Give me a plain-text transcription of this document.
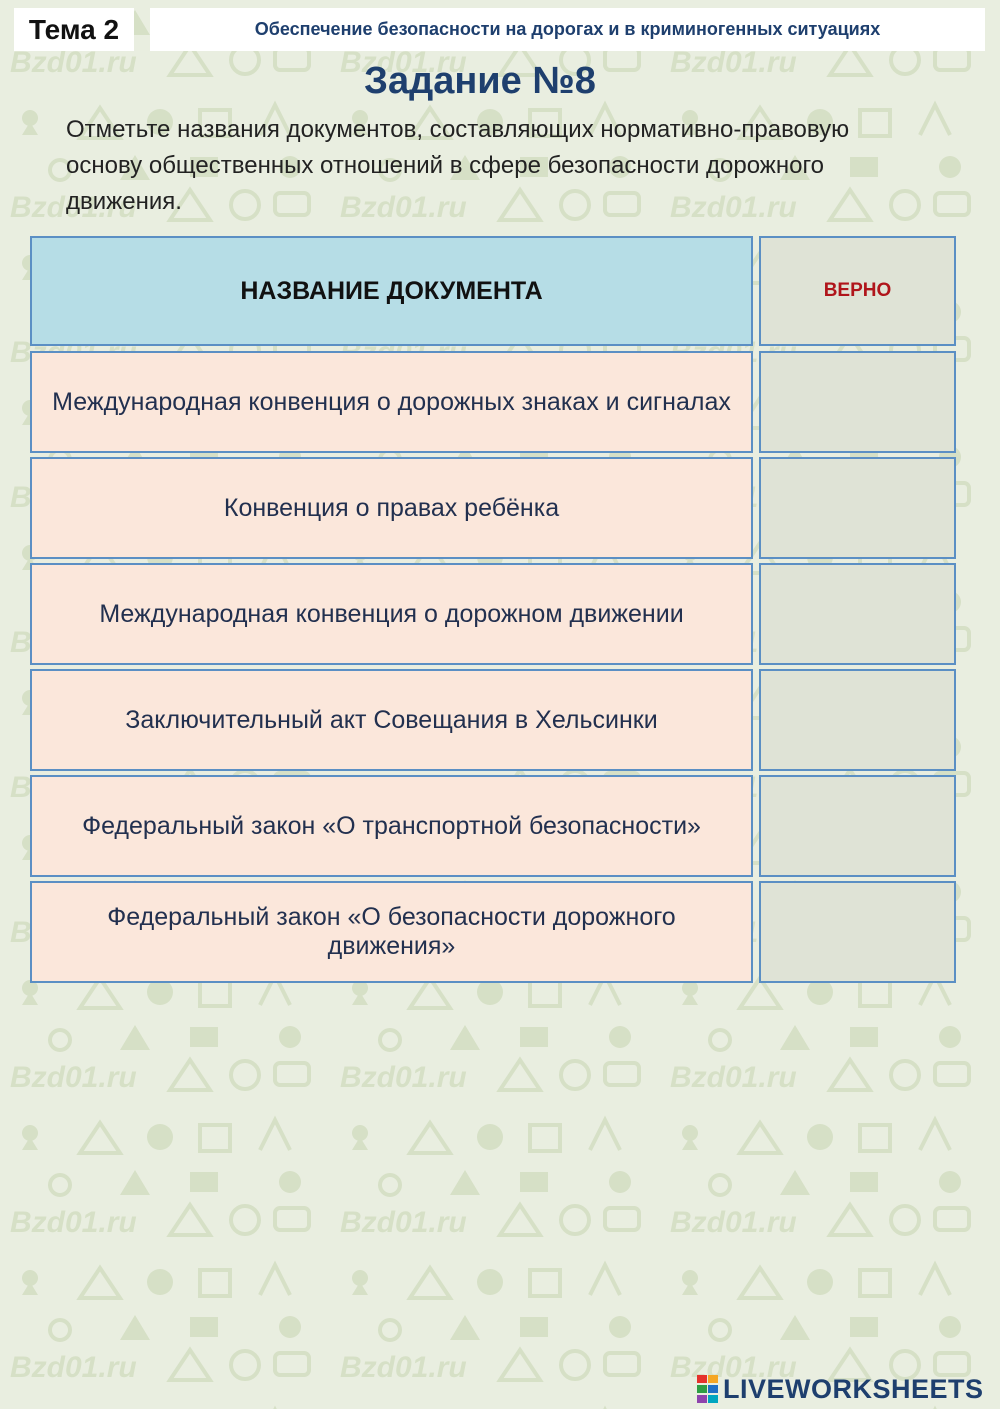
Тема 2	Обеспечение безопасности на дорогах и в криминогенных ситуациях
Задание №8
Отметьте названия документов, составляющих нормативно-правовую основу общественных отношений в сфере безопасности дорожного движения.
НАЗВАНИЕ ДОКУМЕНТА	ВЕРНО
Международная конвенция о дорожных знаках и сигналах
Конвенция о правах ребёнка
Международная конвенция о дорожном движении
Заключительный акт Совещания в Хельсинки
Федеральный закон «О транспортной безопасности»
Федеральный закон «О безопасности дорожного движения»
LIVEWORKSHEETS
